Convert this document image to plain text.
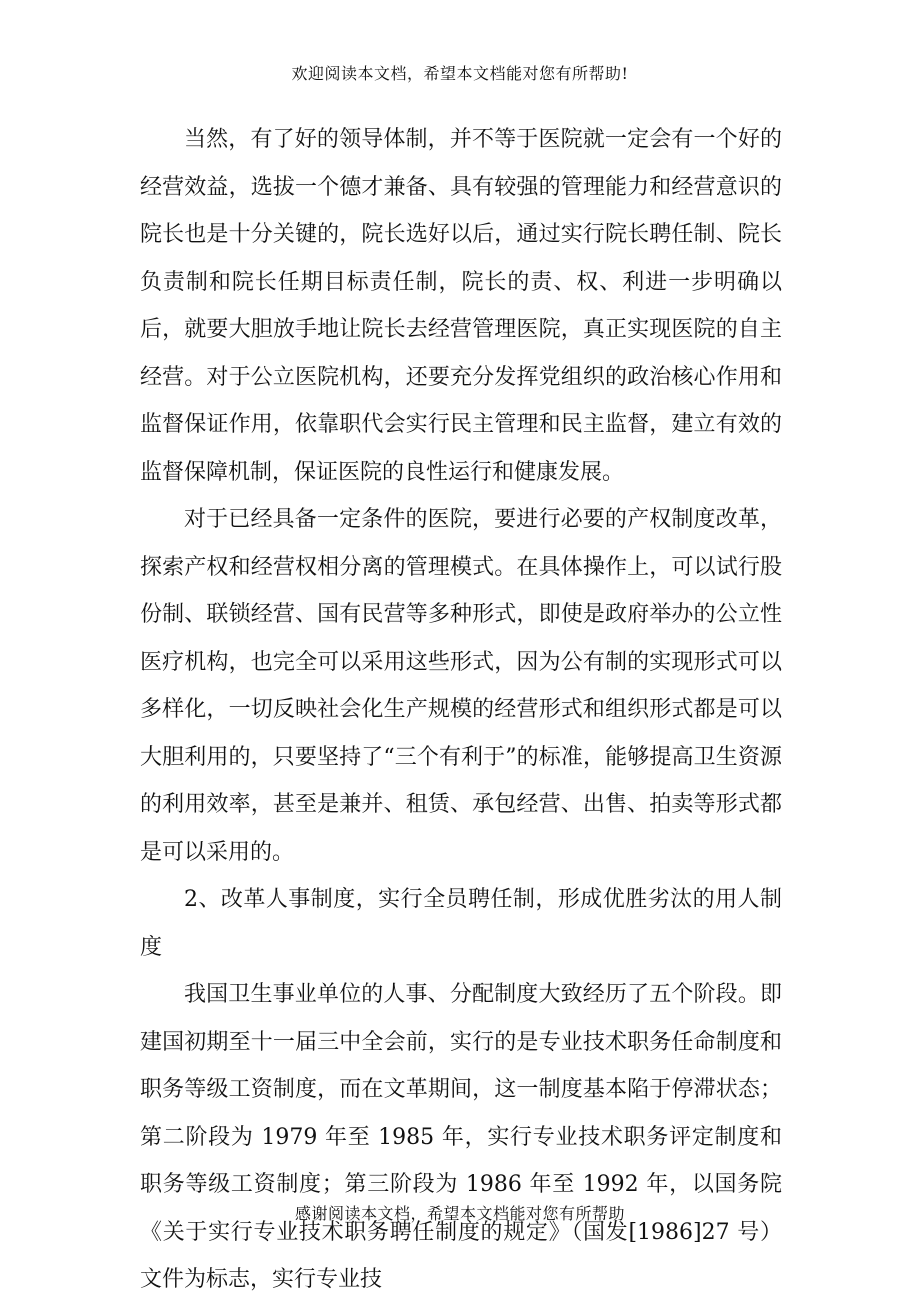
欢迎阅读本文档，希望本文档能对您有所帮助!

当然，有了好的领导体制，并不等于医院就一定会有一个好的经营效益，选拔一个德才兼备、具有较强的管理能力和经营意识的院长也是十分关键的，院长选好以后，通过实行院长聘任制、院长负责制和院长任期目标责任制，院长的责、权、利进一步明确以后，就要大胆放手地让院长去经营管理医院，真正实现医院的自主经营。对于公立医院机构，还要充分发挥党组织的政治核心作用和监督保证作用，依靠职代会实行民主管理和民主监督，建立有效的监督保障机制，保证医院的良性运行和健康发展。

对于已经具备一定条件的医院，要进行必要的产权制度改革，探索产权和经营权相分离的管理模式。在具体操作上，可以试行股份制、联锁经营、国有民营等多种形式，即使是政府举办的公立性医疗机构，也完全可以采用这些形式，因为公有制的实现形式可以多样化，一切反映社会化生产规模的经营形式和组织形式都是可以大胆利用的，只要坚持了“三个有利于”的标准，能够提高卫生资源的利用效率，甚至是兼并、租赁、承包经营、出售、拍卖等形式都是可以采用的。

2、改革人事制度，实行全员聘任制，形成优胜劣汰的用人制度

我国卫生事业单位的人事、分配制度大致经历了五个阶段。即建国初期至十一届三中全会前，实行的是专业技术职务任命制度和职务等级工资制度，而在文革期间，这一制度基本陷于停滞状态；第二阶段为 1979 年至 1985 年，实行专业技术职务评定制度和职务等级工资制度；第三阶段为 1986 年至 1992 年，以国务院《关于实行专业技术职务聘任制度的规定》（国发[1986]27 号）文件为标志，实行专业技

感谢阅读本文档，希望本文档能对您有所帮助
